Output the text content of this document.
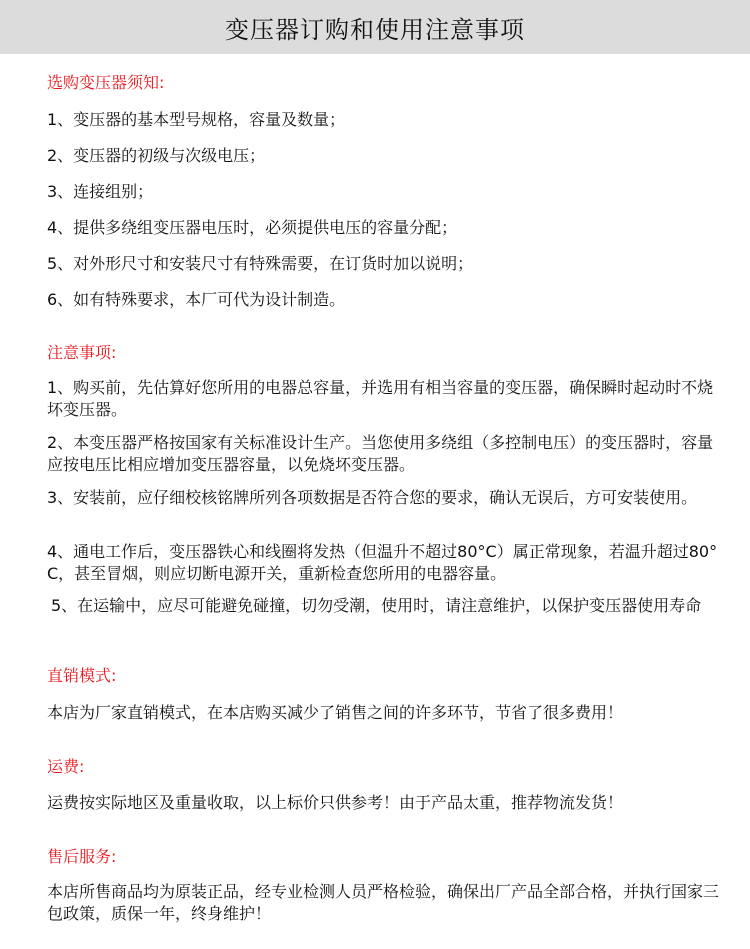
变压器订购和使用注意事项
选购变压器须知:
1、变压器的基本型号规格，容量及数量；
2、变压器的初级与次级电压；
3、连接组别；
4、提供多绕组变压器电压时，必须提供电压的容量分配；
5、对外形尺寸和安装尺寸有特殊需要，在订货时加以说明；
6、如有特殊要求，本厂可代为设计制造。
注意事项:
1、购买前，先估算好您所用的电器总容量，并选用有相当容量的变压器，确保瞬时起动时不烧坏变压器。
2、本变压器严格按国家有关标准设计生产。当您使用多绕组（多控制电压）的变压器时，容量应按电压比相应增加变压器容量，以免烧坏变压器。
3、安装前，应仔细校核铭牌所列各项数据是否符合您的要求，确认无误后，方可安装使用。
4、通电工作后，变压器铁心和线圈将发热（但温升不超过80°C）属正常现象，若温升超过80°C，甚至冒烟，则应切断电源开关，重新检查您所用的电器容量。
5、在运输中，应尽可能避免碰撞，切勿受潮，使用时，请注意维护，以保护变压器使用寿命
直销模式:
本店为厂家直销模式，在本店购买减少了销售之间的许多环节，节省了很多费用！
运费:
运费按实际地区及重量收取，以上标价只供参考！由于产品太重，推荐物流发货！
售后服务:
本店所售商品均为原装正品，经专业检测人员严格检验，确保出厂产品全部合格，并执行国家三包政策，质保一年，终身维护！
